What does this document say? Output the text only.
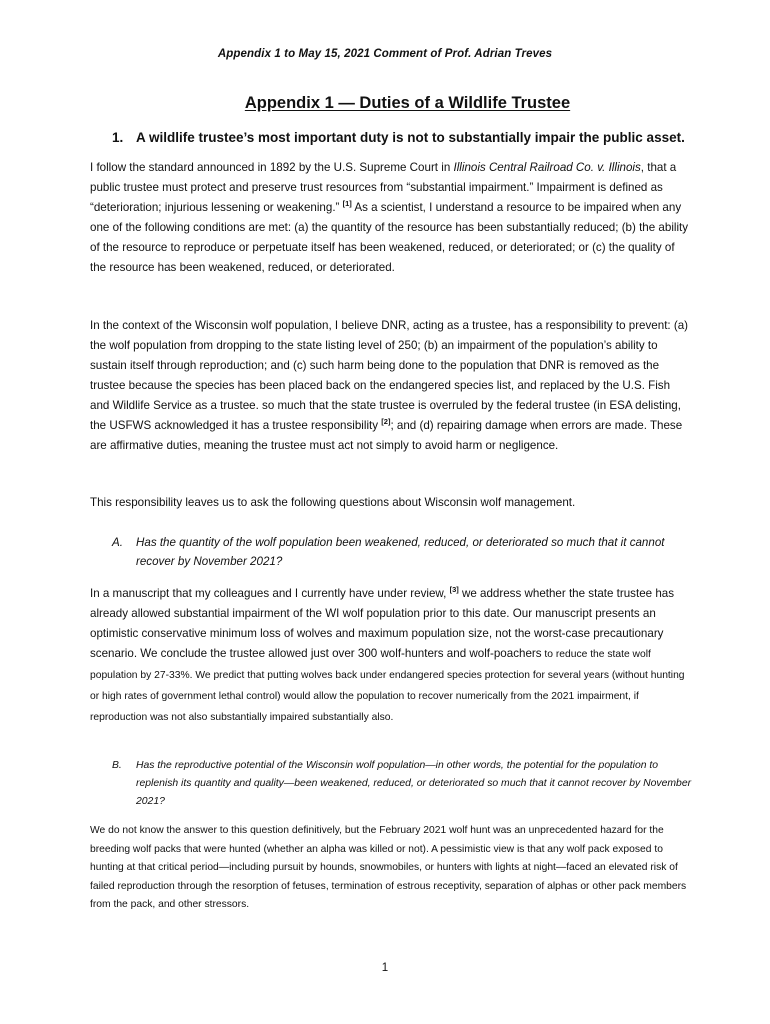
Appendix 1 to May 15, 2021 Comment of Prof. Adrian Treves
Appendix 1 — Duties of a Wildlife Trustee
1. A wildlife trustee’s most important duty is not to substantially impair the public asset.
I follow the standard announced in 1892 by the U.S. Supreme Court in Illinois Central Railroad Co. v. Illinois, that a public trustee must protect and preserve trust resources from “substantial impairment.” Impairment is defined as “deterioration; injurious lessening or weakening.” [1] As a scientist, I understand a resource to be impaired when any one of the following conditions are met: (a) the quantity of the resource has been substantially reduced; (b) the ability of the resource to reproduce or perpetuate itself has been weakened, reduced, or deteriorated; or (c) the quality of the resource has been weakened, reduced, or deteriorated.
In the context of the Wisconsin wolf population, I believe DNR, acting as a trustee, has a responsibility to prevent: (a) the wolf population from dropping to the state listing level of 250; (b) an impairment of the population’s ability to sustain itself through reproduction; and (c) such harm being done to the population that DNR is removed as the trustee because the species has been placed back on the endangered species list, and replaced by the U.S. Fish and Wildlife Service as a trustee. so much that the state trustee is overruled by the federal trustee (in ESA delisting, the USFWS acknowledged it has a trustee responsibility [2]; and (d) repairing damage when errors are made. These are affirmative duties, meaning the trustee must act not simply to avoid harm or negligence.
This responsibility leaves us to ask the following questions about Wisconsin wolf management.
A. Has the quantity of the wolf population been weakened, reduced, or deteriorated so much that it cannot recover by November 2021?
In a manuscript that my colleagues and I currently have under review, [3] we address whether the state trustee has already allowed substantial impairment of the WI wolf population prior to this date. Our manuscript presents an optimistic conservative minimum loss of wolves and maximum population size, not the worst-case precautionary scenario. We conclude the trustee allowed just over 300 wolf-hunters and wolf-poachers to reduce the state wolf population by 27-33%. We predict that putting wolves back under endangered species protection for several years (without hunting or high rates of government lethal control) would allow the population to recover numerically from the 2021 impairment, if reproduction was not also substantially impaired substantially also.
B. Has the reproductive potential of the Wisconsin wolf population—in other words, the potential for the population to replenish its quantity and quality—been weakened, reduced, or deteriorated so much that it cannot recover by November 2021?
We do not know the answer to this question definitively, but the February 2021 wolf hunt was an unprecedented hazard for the breeding wolf packs that were hunted (whether an alpha was killed or not). A pessimistic view is that any wolf pack exposed to hunting at that critical period—including pursuit by hounds, snowmobiles, or hunters with lights at night—faced an elevated risk of failed reproduction through the resorption of fetuses, termination of estrous receptivity, separation of alphas or other pack members from the pack, and other stressors.
1
